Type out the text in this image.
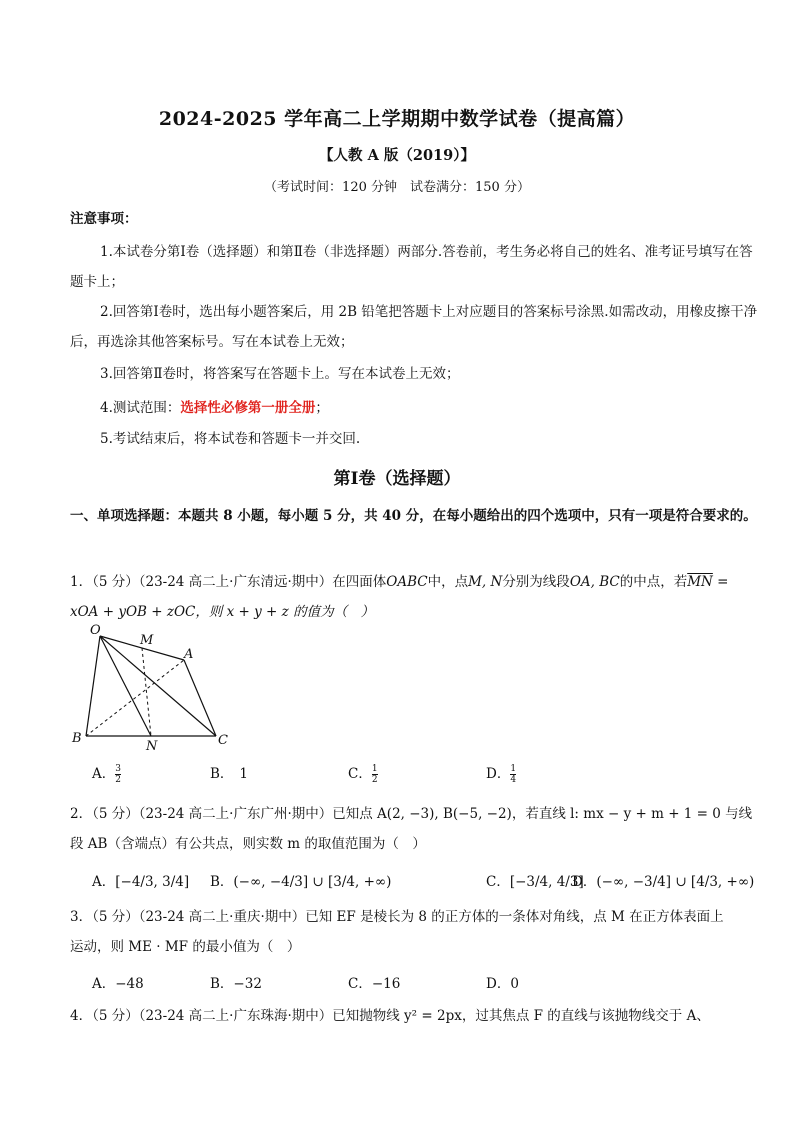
2024-2025 学年高二上学期期中数学试卷（提高篇）
【人教 A 版（2019）】
（考试时间：120 分钟　试卷满分：150 分）
注意事项：

1.本试卷分第Ⅰ卷（选择题）和第Ⅱ卷（非选择题）两部分.答卷前，考生务必将自己的姓名、准考证号填写在答题卡上；

2.回答第Ⅰ卷时，选出每小题答案后，用 2B 铅笔把答题卡上对应题目的答案标号涂黑.如需改动，用橡皮擦干净后，再选涂其他答案标号。写在本试卷上无效；

3.回答第Ⅱ卷时，将答案写在答题卡上。写在本试卷上无效；

4.测试范围：选择性必修第一册全册；

5.考试结束后，将本试卷和答题卡一并交回.

第Ⅰ卷（选择题）
一、单项选择题：本题共 8 小题，每小题 5 分，共 40 分，在每小题给出的四个选项中，只有一项是符合要求的。

1．（5 分）（23-24 高二上·广东清远·期中）在四面体OABC中，点M, N分别为线段OA, BC的中点，若$\overline{MN}$ =

xOA + yOB + zOC，则 x + y + z 的值为（　）

O
M
A
B
N	C
A． $\frac{3}{2}$	B． 1	C． $\frac{1}{2}$	D． $\frac{1}{4}$

2．（5 分）（23-24 高二上·广东广州·期中）已知点 A(2, −3), B(−5, −2)，若直线 l: mx − y + m + 1 = 0 与线

段 AB（含端点）有公共点，则实数 m 的取值范围为（　）

A．[−4/3, 3/4] B．(−∞, −4/3] ∪ [3/4, +∞)	C．[−3/4, 4/3]
D．(−∞, −3/4] ∪ [4/3, +∞)

3．（5 分）（23-24 高二上·重庆·期中）已知 EF 是棱长为 8 的正方体的一条体对角线，点 M 在正方体表面上

运动，则 ME · MF 的最小值为（　）

A．−48	B．−32	C．−16	D．0

4．（5 分）（23-24 高二上·广东珠海·期中）已知抛物线 y² = 2px，过其焦点 F 的直线与该抛物线交于 A、
